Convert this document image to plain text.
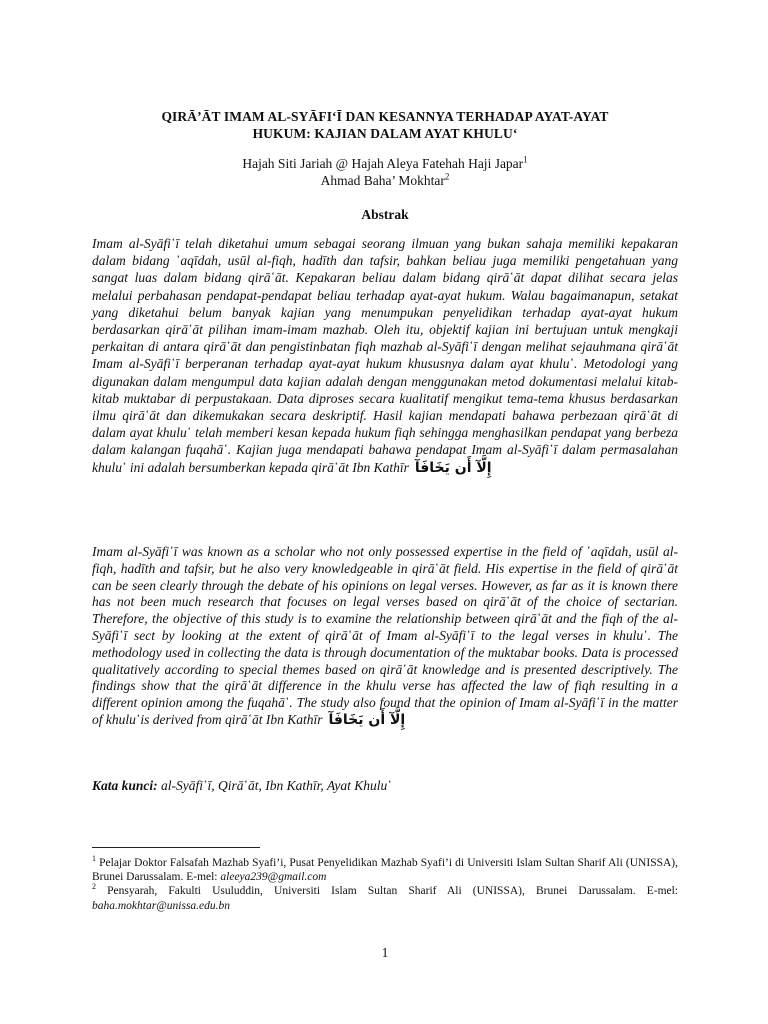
QIRĀ’ĀT IMAM AL-SYĀFI‘Ī DAN KESANNYA TERHADAP AYAT-AYAT
HUKUM: KAJIAN DALAM AYAT KHULU‘
Hajah Siti Jariah @ Hajah Aleya Fatehah Haji Japar$^1$
Ahmad Baha’ Mokhtar$^2$
Abstrak
Imam al-Syāfi῾ī telah diketahui umum sebagai seorang ilmuan yang bukan sahaja memiliki kepakaran dalam bidang ῾aqīdah, usūl al-fiqh, hadīth dan tafsir, bahkan beliau juga memiliki pengetahuan yang sangat luas dalam bidang qirā῾āt. Kepakaran beliau dalam bidang qirā῾āt dapat dilihat secara jelas melalui perbahasan pendapat-pendapat beliau terhadap ayat-ayat hukum. Walau bagaimanapun, setakat yang diketahui belum banyak kajian yang menumpukan penyelidikan terhadap ayat-ayat hukum berdasarkan qirā῾āt pilihan imam-imam mazhab. Oleh itu, objektif kajian ini bertujuan untuk mengkaji perkaitan di antara qirā῾āt dan pengistinbatan fiqh mazhab al-Syāfi῾ī dengan melihat sejauhmana qirā῾āt Imam al-Syāfi῾ī berperanan terhadap ayat-ayat hukum khususnya dalam ayat khulu῾. Metodologi yang digunakan dalam mengumpul data kajian adalah dengan menggunakan metod dokumentasi melalui kitab-kitab muktabar di perpustakaan. Data diproses secara kualitatif mengikut tema-tema khusus berdasarkan ilmu qirā῾āt dan dikemukakan secara deskriptif. Hasil kajian mendapati bahawa perbezaan qirā῾āt di dalam ayat khulu῾ telah memberi kesan kepada hukum fiqh sehingga menghasilkan pendapat yang berbeza dalam kalangan fuqahā῾. Kajian juga mendapati bahawa pendapat Imam al-Syāfi῾ī dalam permasalahan khulu῾ ini adalah bersumberkan kepada qirā῾āt Ibn Kathīr إِلَّآ أَن يَخَافَآ
Imam al-Syāfi῾ī was known as a scholar who not only possessed expertise in the field of ῾aqīdah, usūl al-fiqh, hadīth and tafsir, but he also very knowledgeable in qirā῾āt field. His expertise in the field of qirā῾āt can be seen clearly through the debate of his opinions on legal verses. However, as far as it is known there has not been much research that focuses on legal verses based on qirā῾āt of the choice of sectarian. Therefore, the objective of this study is to examine the relationship between qirā῾āt and the fiqh of the al-Syāfi῾ī sect by looking at the extent of qirā῾āt of Imam al-Syāfi῾ī to the legal verses in khulu῾. The methodology used in collecting the data is through documentation of the muktabar books. Data is processed qualitatively according to special themes based on qirā῾āt knowledge and is presented descriptively. The findings show that the qirā῾āt difference in the khulu verse has affected the law of fiqh resulting in a different opinion among the fuqahā῾. The study also found that the opinion of Imam al-Syāfi῾ī in the matter of khulu῾is derived from qirā῾āt Ibn Kathīr إِلَّآ أَن يَخَافَآ
Kata kunci: al-Syāfi῾ī, Qirā῾āt, Ibn Kathīr, Ayat Khulu῾

$^1$ Pelajar Doktor Falsafah Mazhab Syafi’i, Pusat Penyelidikan Mazhab Syafi’i di Universiti Islam Sultan Sharif Ali (UNISSA), Brunei Darussalam. E-mel: aleeya239@gmail.com

$^2$ Pensyarah, Fakulti Usuluddin, Universiti Islam Sultan Sharif Ali (UNISSA), Brunei Darussalam. E-mel: baha.mokhtar@unissa.edu.bn

1
